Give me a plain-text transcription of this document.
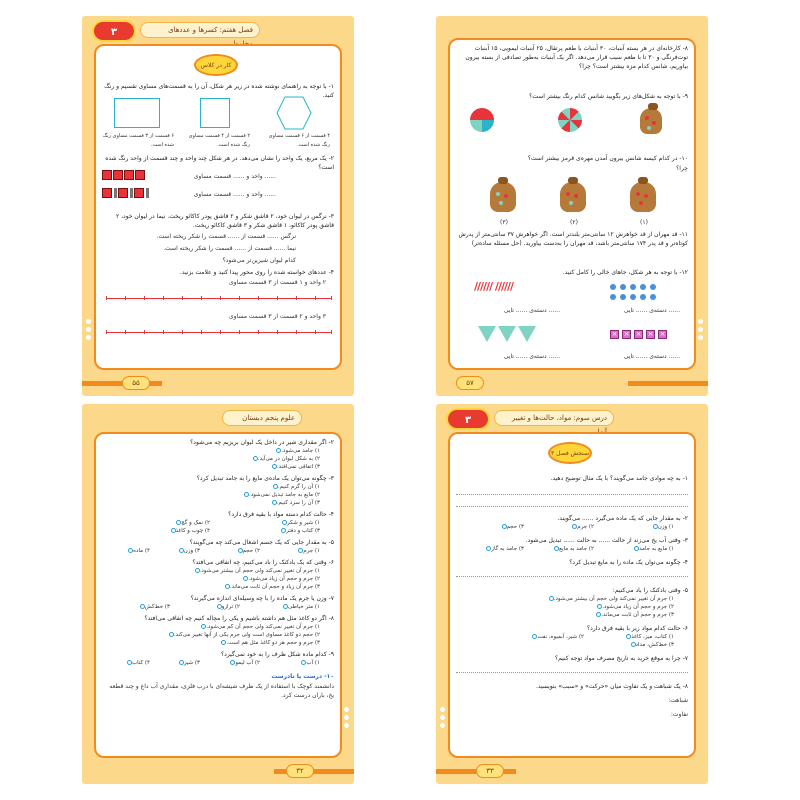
۳	فصل هفتم: کسرها و عددهای
کار در کلاس
۱- با توجه به راهنمای نوشته شده در زیر هر شکل، آن را به قسمت‌های مساوی تقسیم و رنگ کنید.
۶ قسمت از ۳ قسمت مساوی رنگ شده است.
۲ قسمت از ۴ قسمت مساوی رنگ شده است.
۴ قسمت از ۶ قسمت مساوی رنگ شده است.
۲- یک مربع، یک واحد را نشان می‌دهد. در هر شکل چند واحد و چند قسمت از واحد رنگ شده است؟
...... واحد و ...... قسمت مساوی
...... واحد و ...... قسمت مساوی
۳- نرگس در لیوان خود، ۲ قاشق شکر و ۲ قاشق پودر کاکائو ریخت. نیما در لیوان خود، ۲ قاشق پودر کاکائو، ۱ قاشق شکر و ۳ قاشق کاکائو ریخت.
نرگس ...... قسمت از ...... قسمت را شکر ریخته است.
نیما ...... قسمت از ...... قسمت را شکر ریخته است.
کدام لیوان شیرین‌تر می‌شود؟
۴- عددهای خواسته شده را روی محور پیدا کنید و علامت بزنید.
۲ واحد و ۱ قسمت از ۳ قسمت مساوی
۳ واحد و ۲ قسمت از ۳ قسمت مساوی
۵۵
۸- کارخانه‌ای در هر بسته آبنبات، ۳۰ آبنبات با طعم پرتقال، ۲۵ آبنبات لیمویی، ۱۵ آبنبات توت‌فرنگی و ۳۰ تا با طعم سیب قرار می‌دهد. اگر یک آبنبات به‌طور تصادفی از بسته بیرون بیاوریم، شانس کدام مزه بیشتر است؟ چرا؟
۹- با توجه به شکل‌های زیر بگویید شانس کدام رنگ بیشتر است؟
۱۰- در کدام کیسه شانس بیرون آمدن مهره‌ی قرمز بیشتر است؟
چرا؟
(۳)	(۲)	(۱)
۱۱- قد مهران از قد خواهرش ۱۲ سانتی‌متر بلندتر است. اگر خواهرش ۳۷ سانتی‌متر از پدرش کوتاه‌تر و قد پدر ۱۷۴ سانتی‌متر باشد، قد مهران را به‌دست بیاورید. (حل مسئله ساده‌تر)
۱۲- با توجه به هر شکل، جاهای خالی را کامل کنید.
////// //////
...... دسته‌ی ...... تایی	...... دسته‌ی ...... تایی
× × × × ×
...... دسته‌ی ...... تایی	...... دسته‌ی ...... تایی
۵۷
علوم پنجم دبستان
۲- اگر مقداری شیر در داخل یک لیوان بریزیم چه می‌شود؟
۱) جامد می‌شود.
۲) به شکل لیوان در می‌آید.
۳) اتفاقی نمی‌افتد.
۳- چگونه می‌توان یک ماده‌ی مایع را به جامد تبدیل کرد؟
۱) آن را گرم کنیم.
۲) مایع به جامد تبدیل نمی‌شود.
۳) آن را سرد کنیم.
۴- حالت کدام دسته مواد با بقیه فرق دارد؟
۱) شیر و شکر
۲) نمک و گچ
۳) کتاب و دفتر
۴) چوب و کاغذ
۵- به مقدار جایی که یک جسم اشغال می‌کند چه می‌گویند؟
۱) جرم
۲) حجم
۳) وزن
۴) ماده
۶- وقتی که یک بادکنک را باد می‌کنیم، چه اتفاقی می‌افتد؟
۱) جرم آن تغییر نمی‌کند ولی حجم آن بیشتر می‌شود.
۲) جرم و حجم آن زیاد می‌شود.
۳) جرم آن زیاد و حجم آن ثابت می‌ماند.
۷- وزن یا جرم یک ماده را با چه وسیله‌ای اندازه می‌گیرند؟
۱) متر خیاطی
۲) ترازو
۳) خط‌کش
۸- اگر دو کاغذ مثل هم داشته باشیم و یکی را مچاله کنیم چه اتفاقی می‌افتد؟
۱) جرم آن تغییر نمی‌کند ولی حجم آن کم می‌شود.
۲) حجم دو کاغذ مساوی است ولی جرم یکی از آنها تغییر می‌کند.
۳) جرم و حجم هر دو کاغذ مثل هم است.
۹- کدام ماده شکل ظرف را به خود نمی‌گیرد؟
۱) آب
۲) آب لیمو
۳) شیر
۴) کتاب
۱۰- درست یا نادرست
دانشمند کوچک با استفاده از یک ظرف شیشه‌ای با درب فلزی، مقداری آب داغ و چند قطعه یخ، باران درست کرد.
۳۲
۳	درس سوم: مواد، حالت‌ها و تغییر
سنجش فصل ۳
۱- به چه موادی جامد می‌گویند؟ با یک مثال توضیح دهید.
۲- به مقدار جایی که یک ماده می‌گیرد ...... می‌گویند.
۱) وزن
۲) جرم
۳) حجم
۳- وقتی آب یخ می‌زند از حالت ...... به حالت ...... تبدیل می‌شود.
۱) مایع به جامد
۲) جامد به مایع
۳) جامد به گاز
۴- چگونه می‌توان یک ماده را به مایع تبدیل کرد؟
۵- وقتی بادکنک را باد می‌کنیم:
۱) جرم آن تغییر نمی‌کند ولی حجم آن بیشتر می‌شود.
۲) جرم و حجم آن زیاد می‌شود.
۳) جرم و حجم آن ثابت می‌ماند.
۶- حالت کدام مواد زیر با بقیه فرق دارد؟
۱) کتاب، میز، کاغذ
۲) شیر، آبمیوه، نفت
۳) خط‌کش، مداد
۷- چرا به موقع خرید به تاریخ مصرف مواد توجه کنیم؟
۸- یک شباهت و یک تفاوت میان «حرکت» و «سبب» بنویسید.
شباهت:
تفاوت:
۳۳
